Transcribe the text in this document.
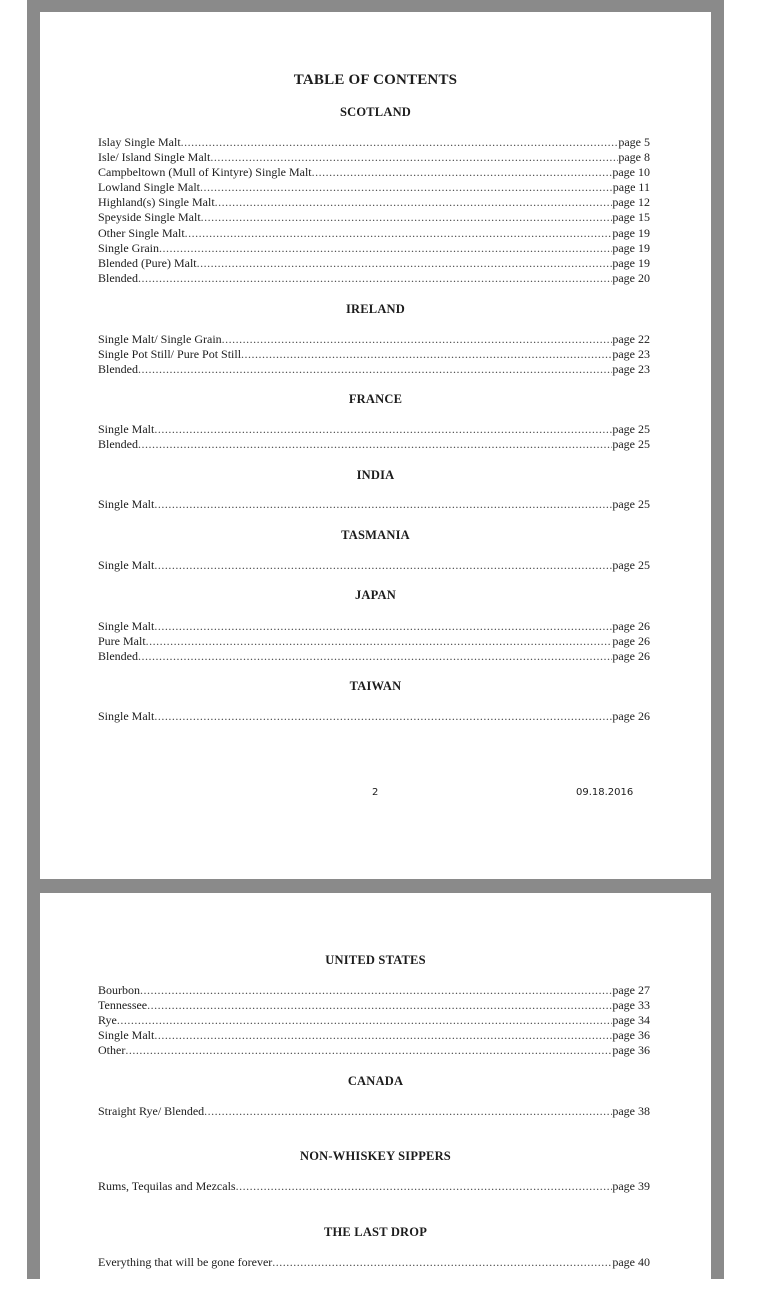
TABLE OF CONTENTS
SCOTLAND
Islay Single Malt .....	page 5
Isle/ Island Single Malt .....	page 8
Campbeltown (Mull of Kintyre) Single Malt .....	page 10
Lowland Single Malt .....	page 11
Highland(s) Single Malt .....	page 12
Speyside Single Malt .....	page 15
Other Single Malt .....	page 19
Single Grain .....	page 19
Blended (Pure) Malt .....	page 19
Blended .....	page 20
IRELAND
Single Malt/ Single Grain .....	page 22
Single Pot Still/ Pure Pot Still .....	page 23
Blended .....	page 23
FRANCE
Single Malt .....	page 25
Blended .....	page 25
INDIA
Single Malt .....	page 25
TASMANIA
Single Malt .....	page 25
JAPAN
Single Malt .....	page 26
Pure Malt .....	page 26
Blended .....	page 26
TAIWAN
Single Malt .....	page 26
2	09.18.2016
UNITED STATES
Bourbon .....	page 27
Tennessee .....	page 33
Rye .....	page 34
Single Malt .....	page 36
Other .....	page 36
CANADA
Straight Rye/ Blended .....	page 38
NON-WHISKEY SIPPERS
Rums, Tequilas and Mezcals .....	page 39
THE LAST DROP
Everything that will be gone forever .....	page 40
